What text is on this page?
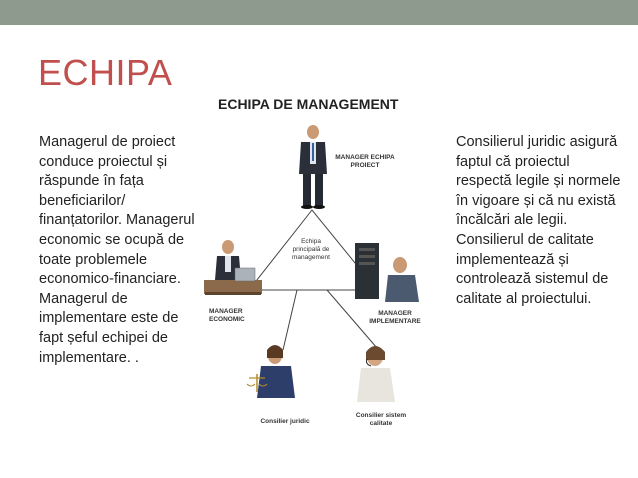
ECHIPA
Managerul de proiect conduce proiectul și răspunde în fața beneficiarilor/ finanțatorilor. Managerul economic se ocupă de toate problemele economico-financiare. Managerul de implementare este de fapt șeful echipei de implementare. .
Consilierul juridic asigură faptul că proiectul respectă legile și normele în vigoare și că nu există încălcări ale legii.
Consilierul de calitate implementează și controlează sistemul de calitate al proiectului.
ECHIPA DE MANAGEMENT
MANAGER ECHIPA PROIECT
Echipa principală de management
MANAGER ECONOMIC
MANAGER IMPLEMENTARE
Consilier juridic
Consilier sistem calitate
